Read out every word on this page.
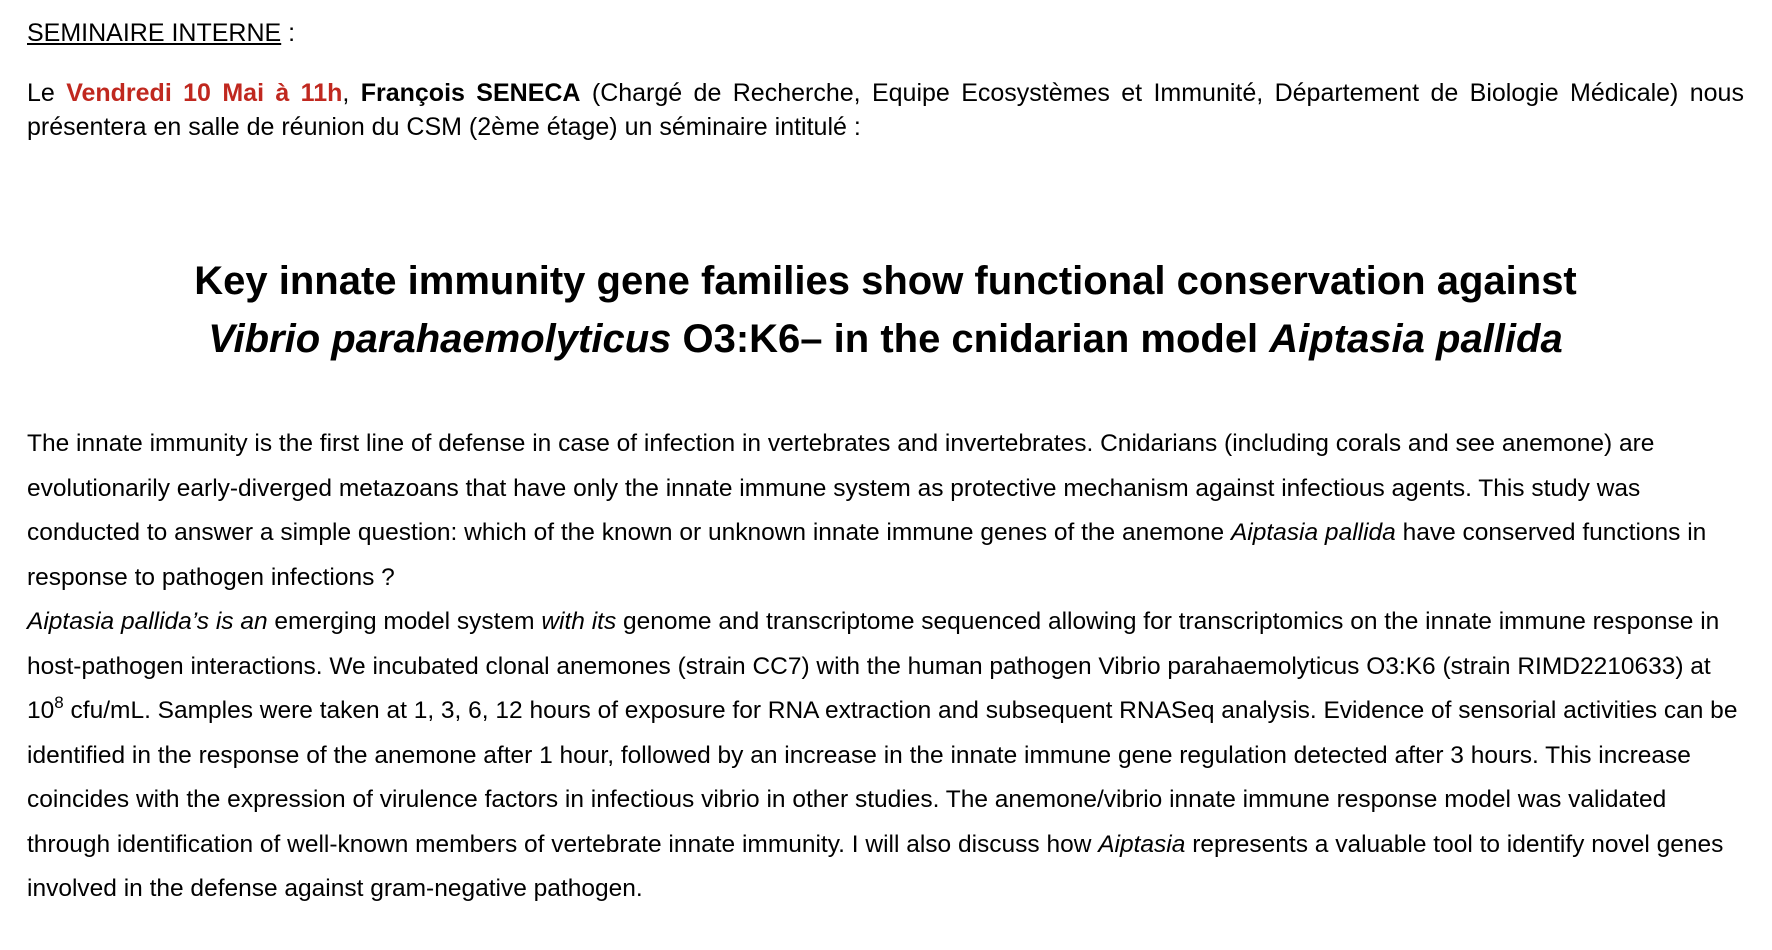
SEMINAIRE INTERNE :

Le Vendredi 10 Mai à 11h, François SENECA (Chargé de Recherche, Equipe Ecosystèmes et Immunité, Département de Biologie Médicale) nous présentera en salle de réunion du CSM (2ème étage) un séminaire intitulé :

Key innate immunity gene families show functional conservation against
Vibrio parahaemolyticus O3:K6– in the cnidarian model Aiptasia pallida

The innate immunity is the first line of defense in case of infection in vertebrates and invertebrates. Cnidarians (including corals and see anemone) are evolutionarily early-diverged metazoans that have only the innate immune system as protective mechanism against infectious agents. This study was conducted to answer a simple question: which of the known or unknown innate immune genes of the anemone Aiptasia pallida have conserved functions in response to pathogen infections ?

Aiptasia pallida’s is an emerging model system with its genome and transcriptome sequenced allowing for transcriptomics on the innate immune response in host-pathogen interactions. We incubated clonal anemones (strain CC7) with the human pathogen Vibrio parahaemolyticus O3:K6 (strain RIMD2210633) at $10^8$ cfu/mL. Samples were taken at 1, 3, 6, 12 hours of exposure for RNA extraction and subsequent RNASeq analysis. Evidence of sensorial activities can be identified in the response of the anemone after 1 hour, followed by an increase in the innate immune gene regulation detected after 3 hours. This increase coincides with the expression of virulence factors in infectious vibrio in other studies. The anemone/vibrio innate immune response model was validated through identification of well-known members of vertebrate innate immunity. I will also discuss how Aiptasia represents a valuable tool to identify novel genes involved in the defense against gram-negative pathogen.
